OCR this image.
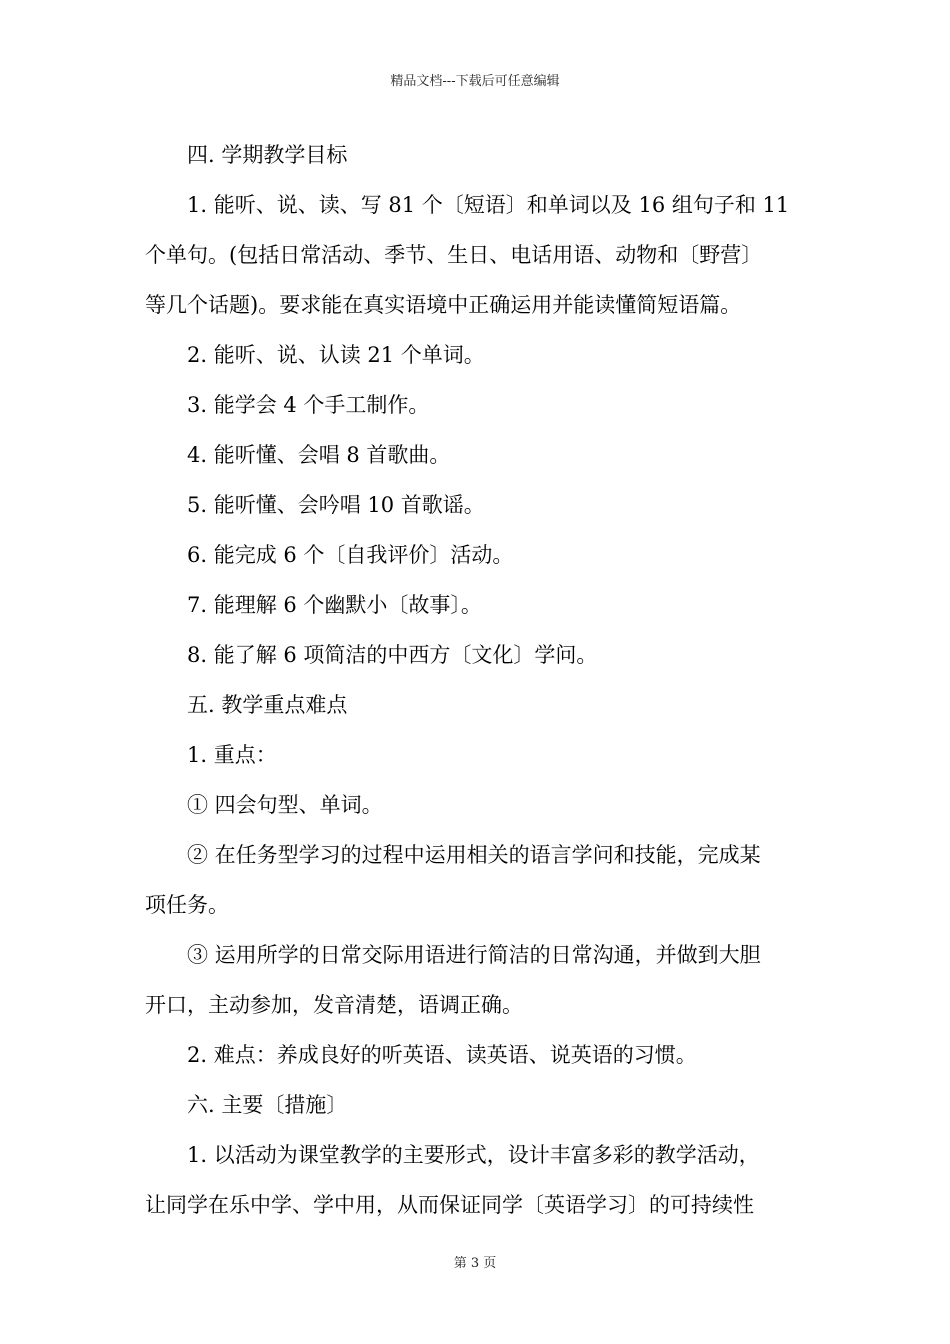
精品文档---下载后可任意编辑

四. 学期教学目标

1. 能听、说、读、写 81 个〔短语〕和单词以及 16 组句子和 11

个单句。(包括日常活动、季节、生日、电话用语、动物和〔野营〕

等几个话题)。要求能在真实语境中正确运用并能读懂简短语篇。

2. 能听、说、认读 21 个单词。

3. 能学会 4 个手工制作。

4. 能听懂、会唱 8 首歌曲。

5. 能听懂、会吟唱 10 首歌谣。

6. 能完成 6 个〔自我评价〕活动。

7. 能理解 6 个幽默小〔故事〕。

8. 能了解 6 项简洁的中西方〔文化〕学问。

五. 教学重点难点

1. 重点：

① 四会句型、单词。

② 在任务型学习的过程中运用相关的语言学问和技能，完成某

项任务。

③ 运用所学的日常交际用语进行简洁的日常沟通，并做到大胆

开口，主动参加，发音清楚，语调正确。

2. 难点：养成良好的听英语、读英语、说英语的习惯。

六. 主要〔措施〕

1. 以活动为课堂教学的主要形式，设计丰富多彩的教学活动，

让同学在乐中学、学中用，从而保证同学〔英语学习〕的可持续性

第 3 页
